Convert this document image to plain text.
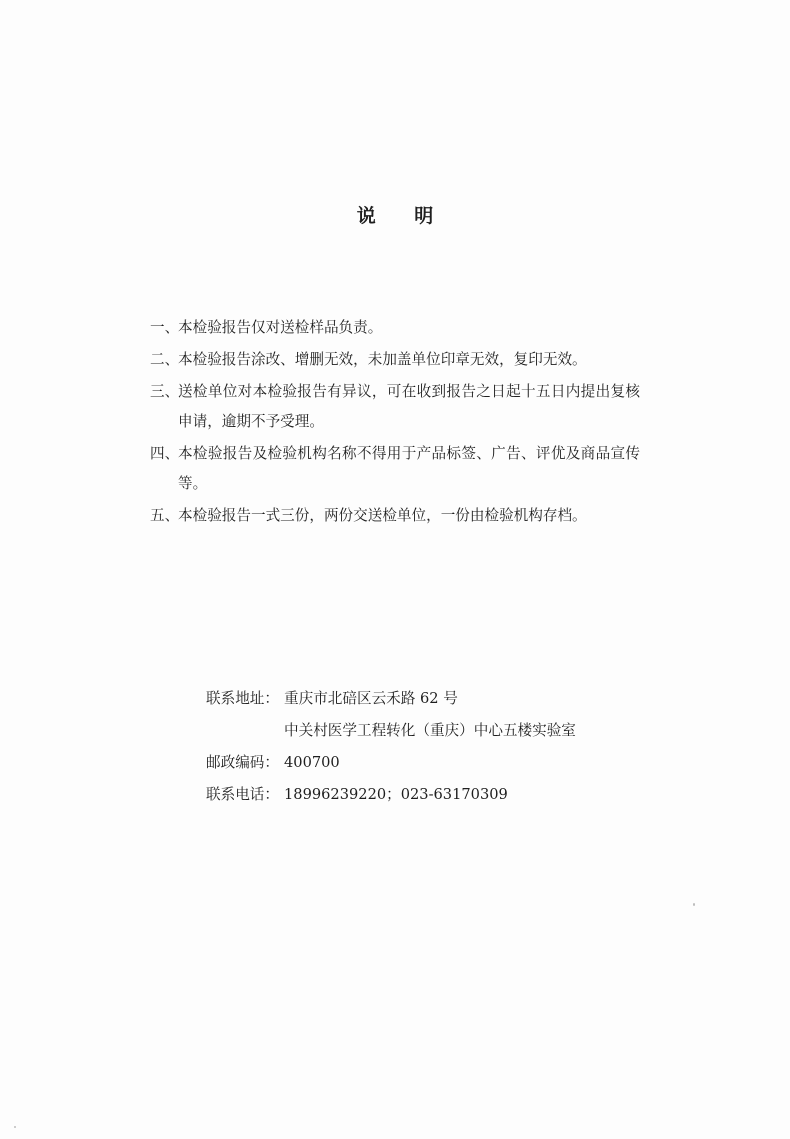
说 明
一、
本检验报告仅对送检样品负责。
二、
本检验报告涂改、增删无效，未加盖单位印章无效，复印无效。
三、
送检单位对本检验报告有异议，可在收到报告之日起十五日内提出复核申请，逾期不予受理。
四、
本检验报告及检验机构名称不得用于产品标签、广告、评优及商品宣传等。
五、
本检验报告一式三份，两份交送检单位，一份由检验机构存档。
联系地址： 重庆市北碚区云禾路 62 号
中关村医学工程转化（重庆）中心五楼实验室
邮政编码： 400700
联系电话： 18996239220；023-63170309
